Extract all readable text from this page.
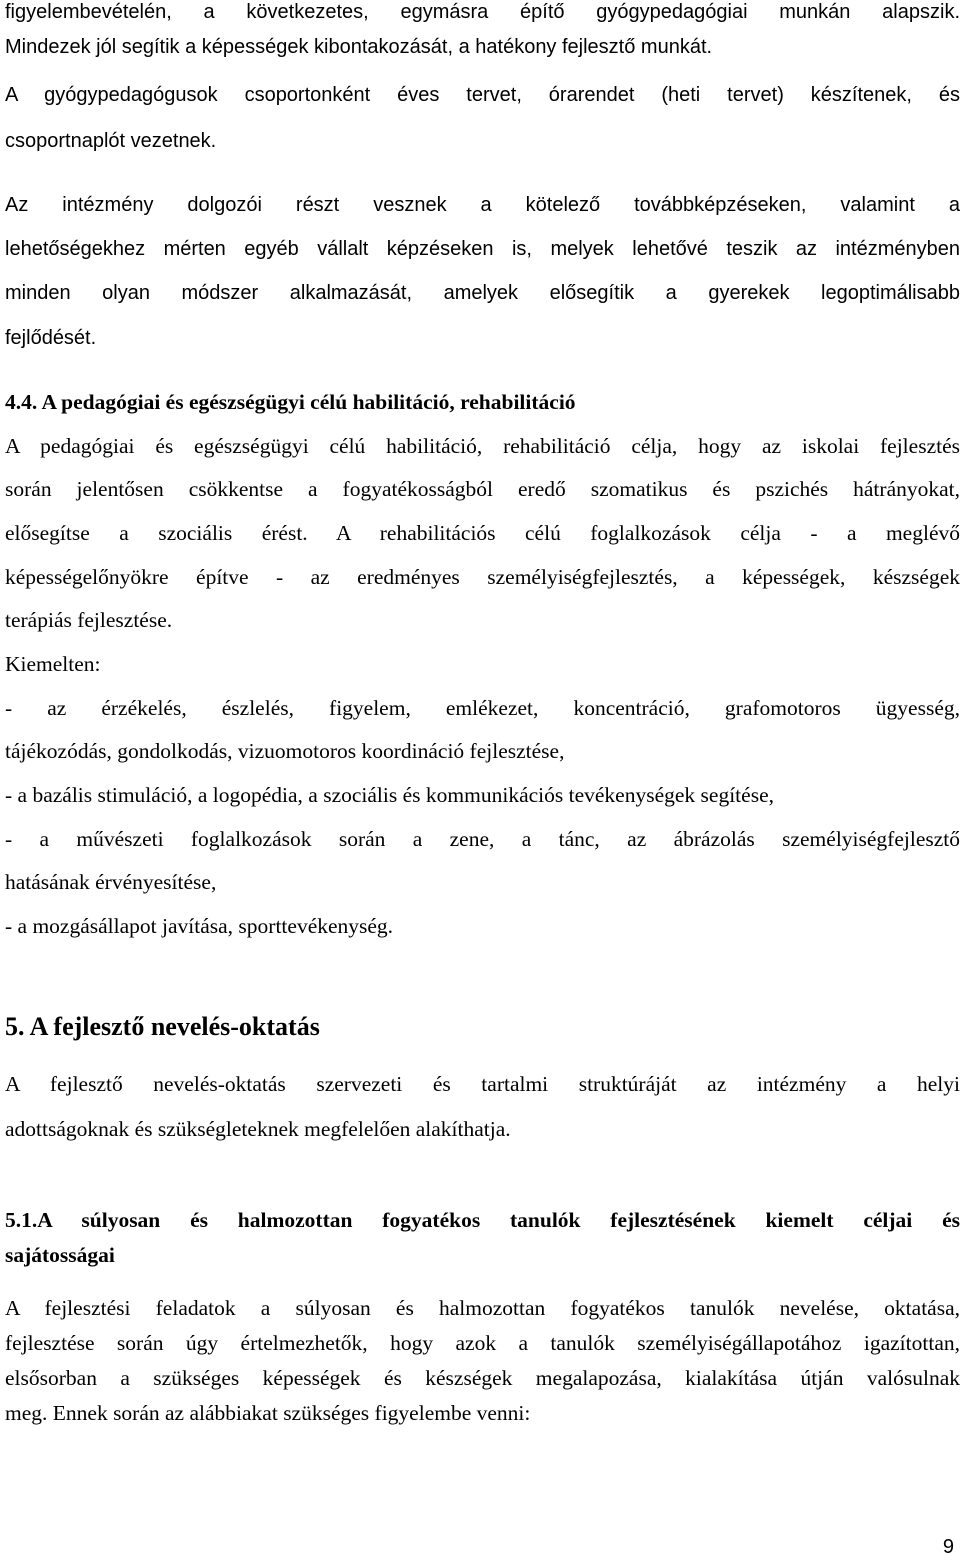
figyelembevételén, a következetes, egymásra építő gyógypedagógiai munkán alapszik.
Mindezek jól segítik a képességek kibontakozását, a hatékony fejlesztő munkát.
A gyógypedagógusok csoportonként éves tervet, órarendet (heti tervet) készítenek, és
csoportnaplót vezetnek.
Az intézmény dolgozói részt vesznek a kötelező továbbképzéseken, valamint a
lehetőségekhez mérten egyéb vállalt képzéseken is, melyek lehetővé teszik az intézményben
minden olyan módszer alkalmazását, amelyek elősegítik a gyerekek legoptimálisabb
fejlődését.
4.4. A pedagógiai és egészségügyi célú habilitáció, rehabilitáció
A pedagógiai és egészségügyi célú habilitáció, rehabilitáció célja, hogy az iskolai fejlesztés
során jelentősen csökkentse a fogyatékosságból eredő szomatikus és pszichés hátrányokat,
elősegítse a szociális érést. A rehabilitációs célú foglalkozások célja - a meglévő
képességelőnyökre építve - az eredményes személyiségfejlesztés, a képességek, készségek
terápiás fejlesztése.
Kiemelten:
- az érzékelés, észlelés, figyelem, emlékezet, koncentráció, grafomotoros ügyesség,
tájékozódás, gondolkodás, vizuomotoros koordináció fejlesztése,
- a bazális stimuláció, a logopédia, a szociális és kommunikációs tevékenységek segítése,
- a művészeti foglalkozások során a zene, a tánc, az ábrázolás személyiségfejlesztő
hatásának érvényesítése,
- a mozgásállapot javítása, sporttevékenység.
5. A fejlesztő nevelés-oktatás
A fejlesztő nevelés-oktatás szervezeti és tartalmi struktúráját az intézmény a helyi
adottságoknak és szükségleteknek megfelelően alakíthatja.
5.1.A súlyosan és halmozottan fogyatékos tanulók fejlesztésének kiemelt céljai és
sajátosságai
A fejlesztési feladatok a súlyosan és halmozottan fogyatékos tanulók nevelése, oktatása,
fejlesztése során úgy értelmezhetők, hogy azok a tanulók személyiségállapotához igazítottan,
elsősorban a szükséges képességek és készségek megalapozása, kialakítása útján valósulnak
meg. Ennek során az alábbiakat szükséges figyelembe venni:
9
